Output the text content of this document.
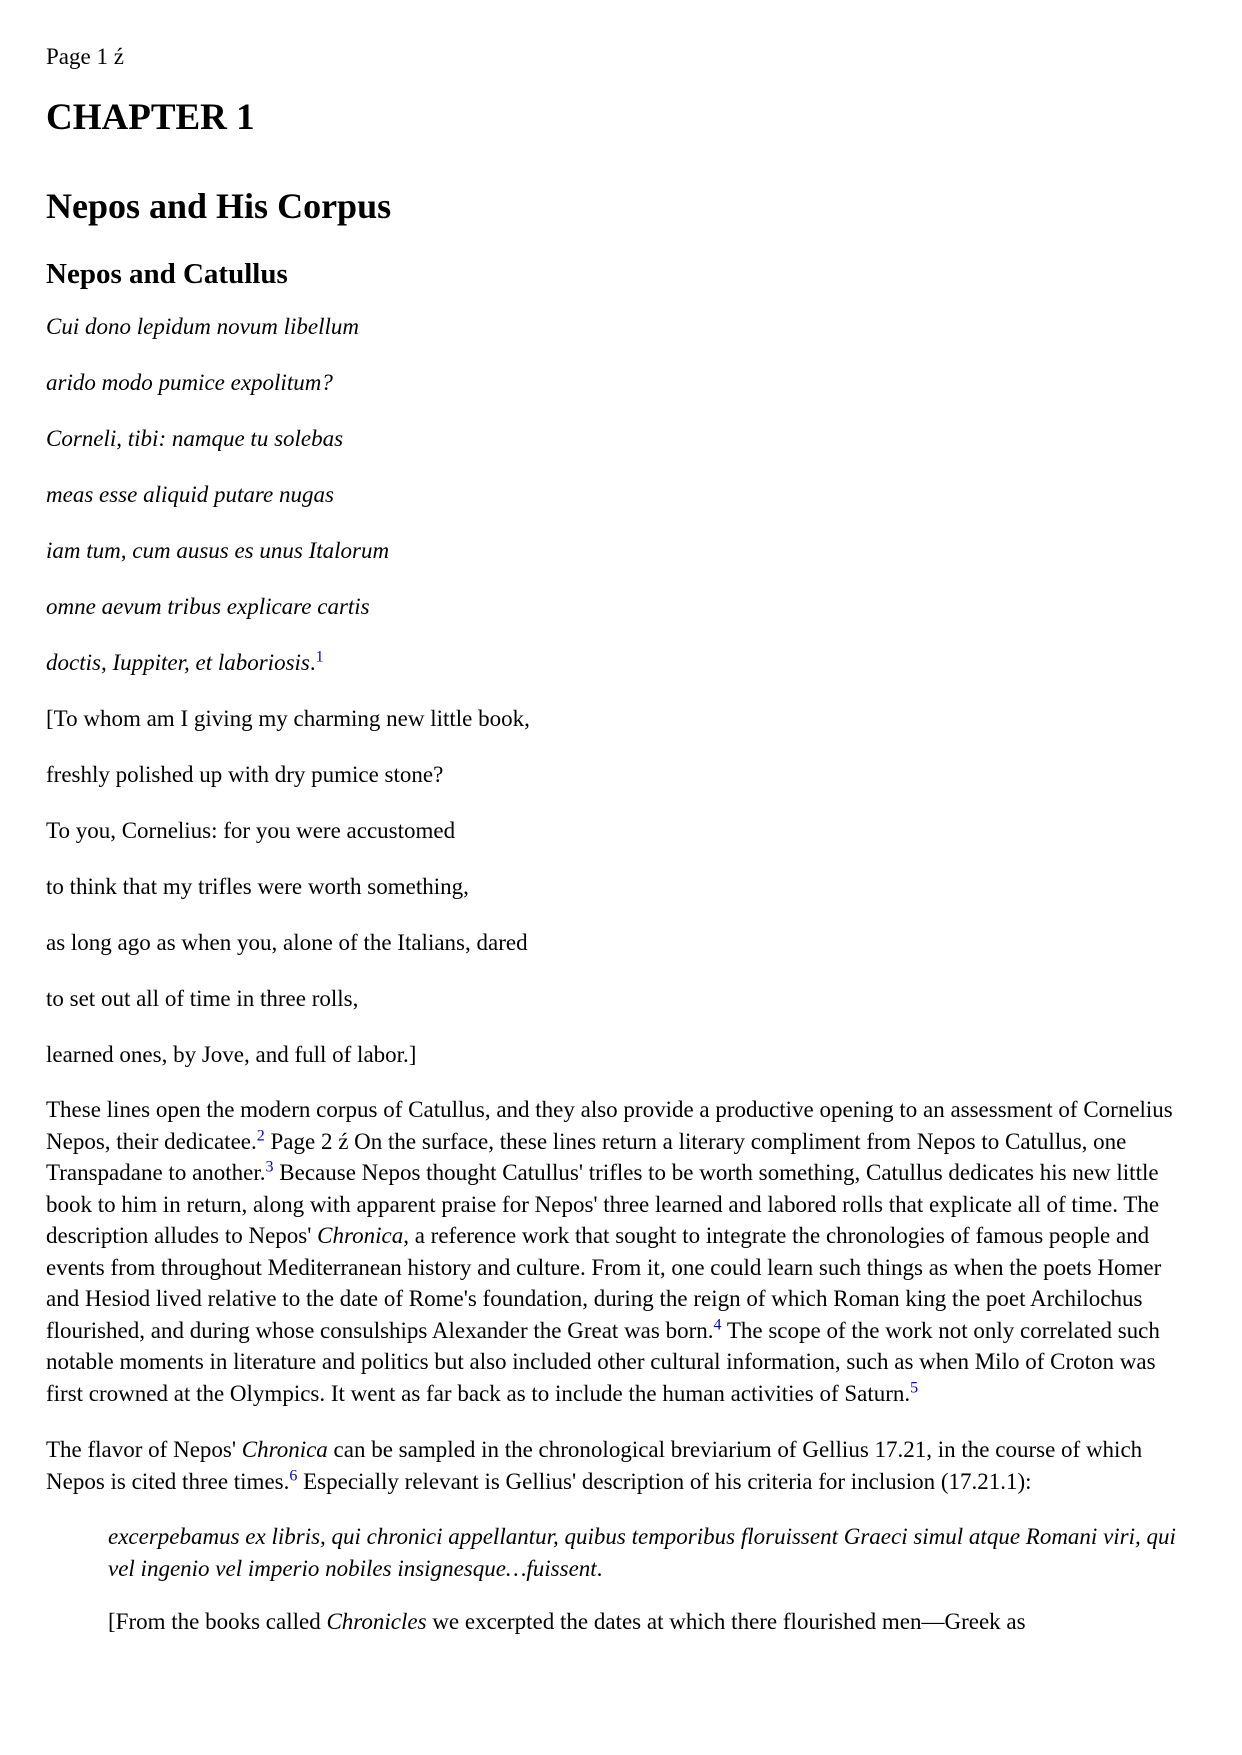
Page 1 ź

CHAPTER 1
Nepos and His Corpus
Nepos and Catullus

Cui dono lepidum novum libellum

arido modo pumice expolitum?

Corneli, tibi: namque tu solebas

meas esse aliquid putare nugas

iam tum, cum ausus es unus Italorum

omne aevum tribus explicare cartis

doctis, Iuppiter, et laboriosis.$^1$

[To whom am I giving my charming new little book,

freshly polished up with dry pumice stone?

To you, Cornelius: for you were accustomed

to think that my trifles were worth something,

as long ago as when you, alone of the Italians, dared

to set out all of time in three rolls,

learned ones, by Jove, and full of labor.]

These lines open the modern corpus of Catullus, and they also provide a productive opening to an assessment of Cornelius Nepos, their dedicatee.$^2$ Page 2 ź On the surface, these lines return a literary compliment from Nepos to Catullus, one Transpadane to another.$^3$ Because Nepos thought Catullus' trifles to be worth something, Catullus dedicates his new little book to him in return, along with apparent praise for Nepos' three learned and labored rolls that explicate all of time. The description alludes to Nepos' Chronica, a reference work that sought to integrate the chronologies of famous people and events from throughout Mediterranean history and culture. From it, one could learn such things as when the poets Homer and Hesiod lived relative to the date of Rome's foundation, during the reign of which Roman king the poet Archilochus flourished, and during whose consulships Alexander the Great was born.$^4$ The scope of the work not only correlated such notable moments in literature and politics but also included other cultural information, such as when Milo of Croton was first crowned at the Olympics. It went as far back as to include the human activities of Saturn.$^5$

The flavor of Nepos' Chronica can be sampled in the chronological breviarium of Gellius 17.21, in the course of which Nepos is cited three times.$^6$ Especially relevant is Gellius' description of his criteria for inclusion (17.21.1):

excerpebamus ex libris, qui chronici appellantur, quibus temporibus floruissent Graeci simul atque Romani viri, qui vel ingenio vel imperio nobiles insignesque…fuissent.

[From the books called Chronicles we excerpted the dates at which there flourished men—Greek as
